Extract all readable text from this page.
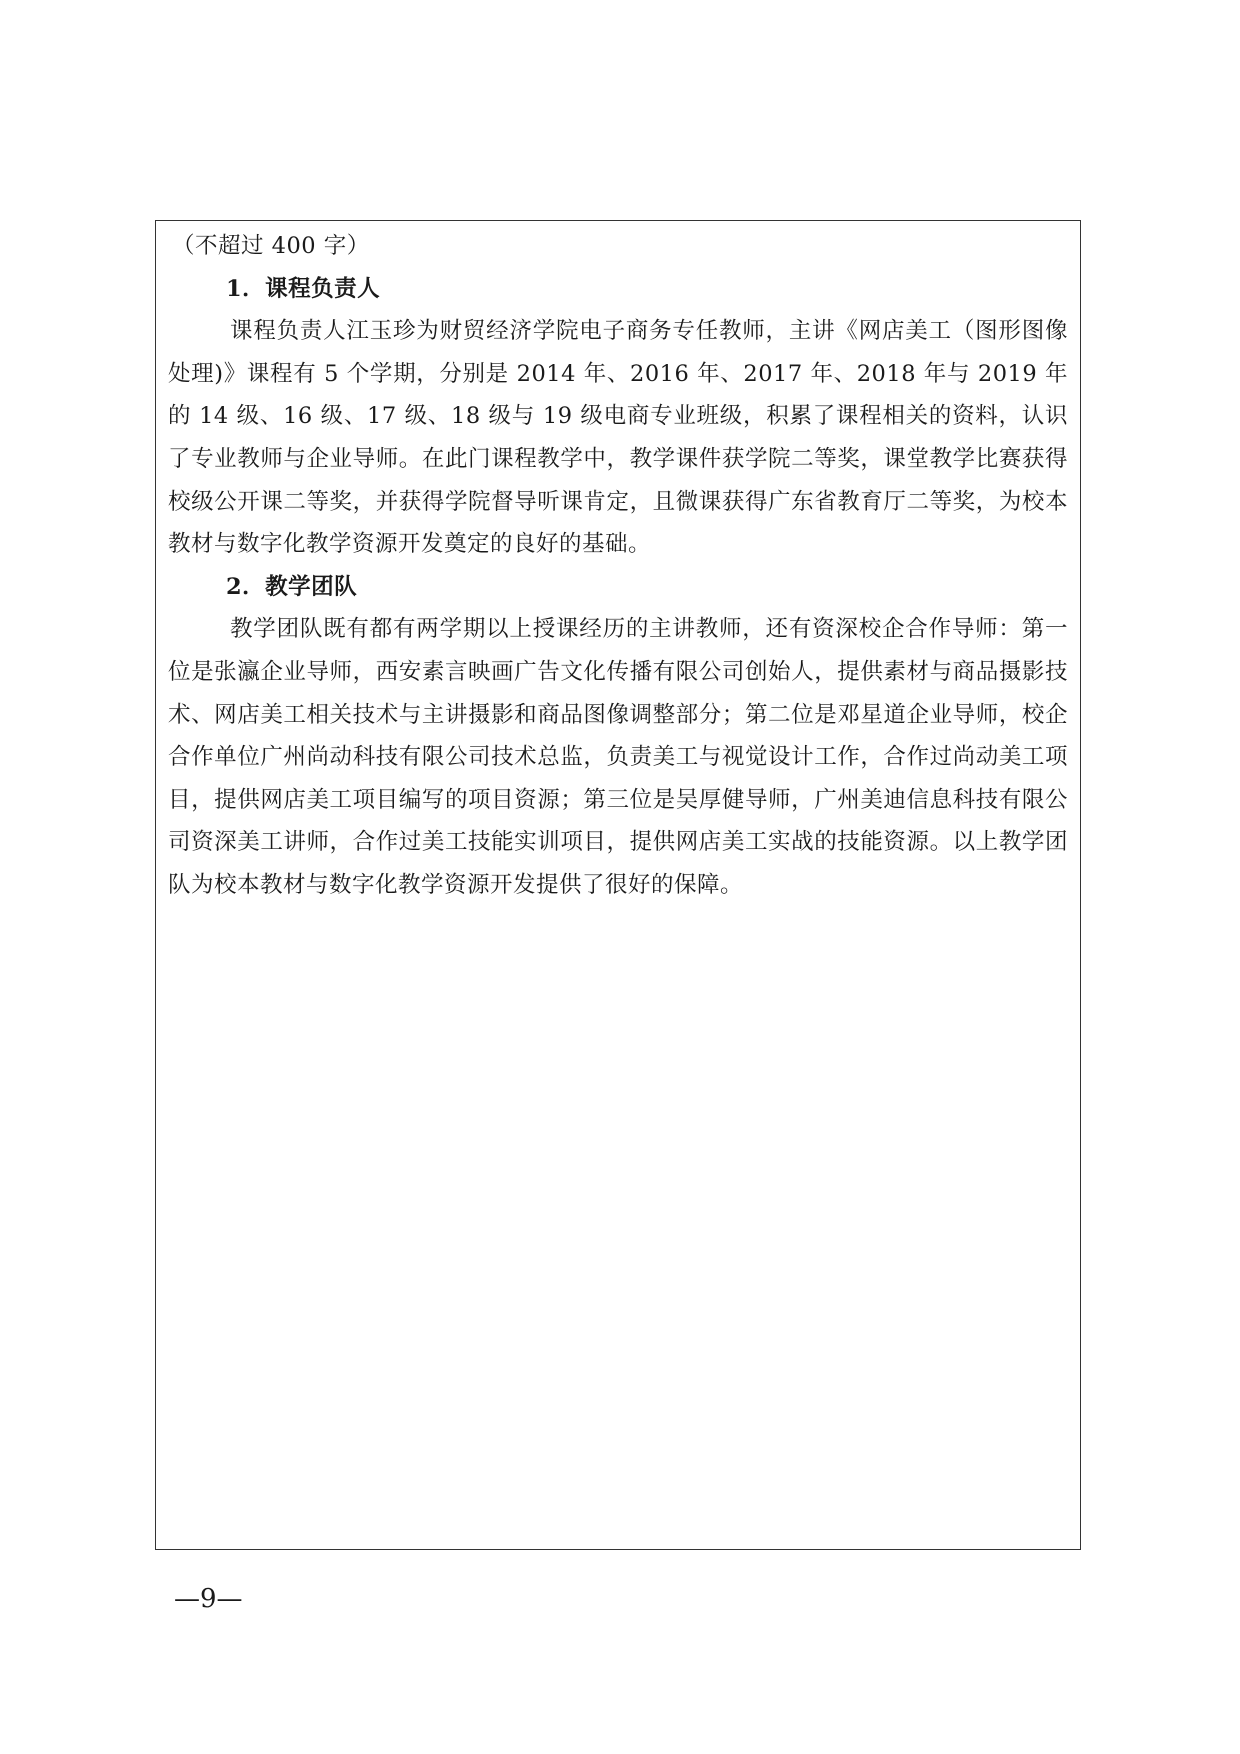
（不超过 400 字）

1．课程负责人

课程负责人江玉珍为财贸经济学院电子商务专任教师，主讲《网店美工（图形图像处理)》课程有 5 个学期，分别是 2014 年、2016 年、2017 年、2018 年与 2019 年的 14 级、16 级、17 级、18 级与 19 级电商专业班级，积累了课程相关的资料，认识了专业教师与企业导师。在此门课程教学中，教学课件获学院二等奖，课堂教学比赛获得校级公开课二等奖，并获得学院督导听课肯定，且微课获得广东省教育厅二等奖，为校本教材与数字化教学资源开发奠定的良好的基础。

2．教学团队

教学团队既有都有两学期以上授课经历的主讲教师，还有资深校企合作导师：第一位是张瀛企业导师，西安素言映画广告文化传播有限公司创始人，提供素材与商品摄影技术、网店美工相关技术与主讲摄影和商品图像调整部分；第二位是邓星道企业导师，校企合作单位广州尚动科技有限公司技术总监，负责美工与视觉设计工作，合作过尚动美工项目，提供网店美工项目编写的项目资源；第三位是吴厚健导师，广州美迪信息科技有限公司资深美工讲师，合作过美工技能实训项目，提供网店美工实战的技能资源。以上教学团队为校本教材与数字化教学资源开发提供了很好的保障。

—9—
